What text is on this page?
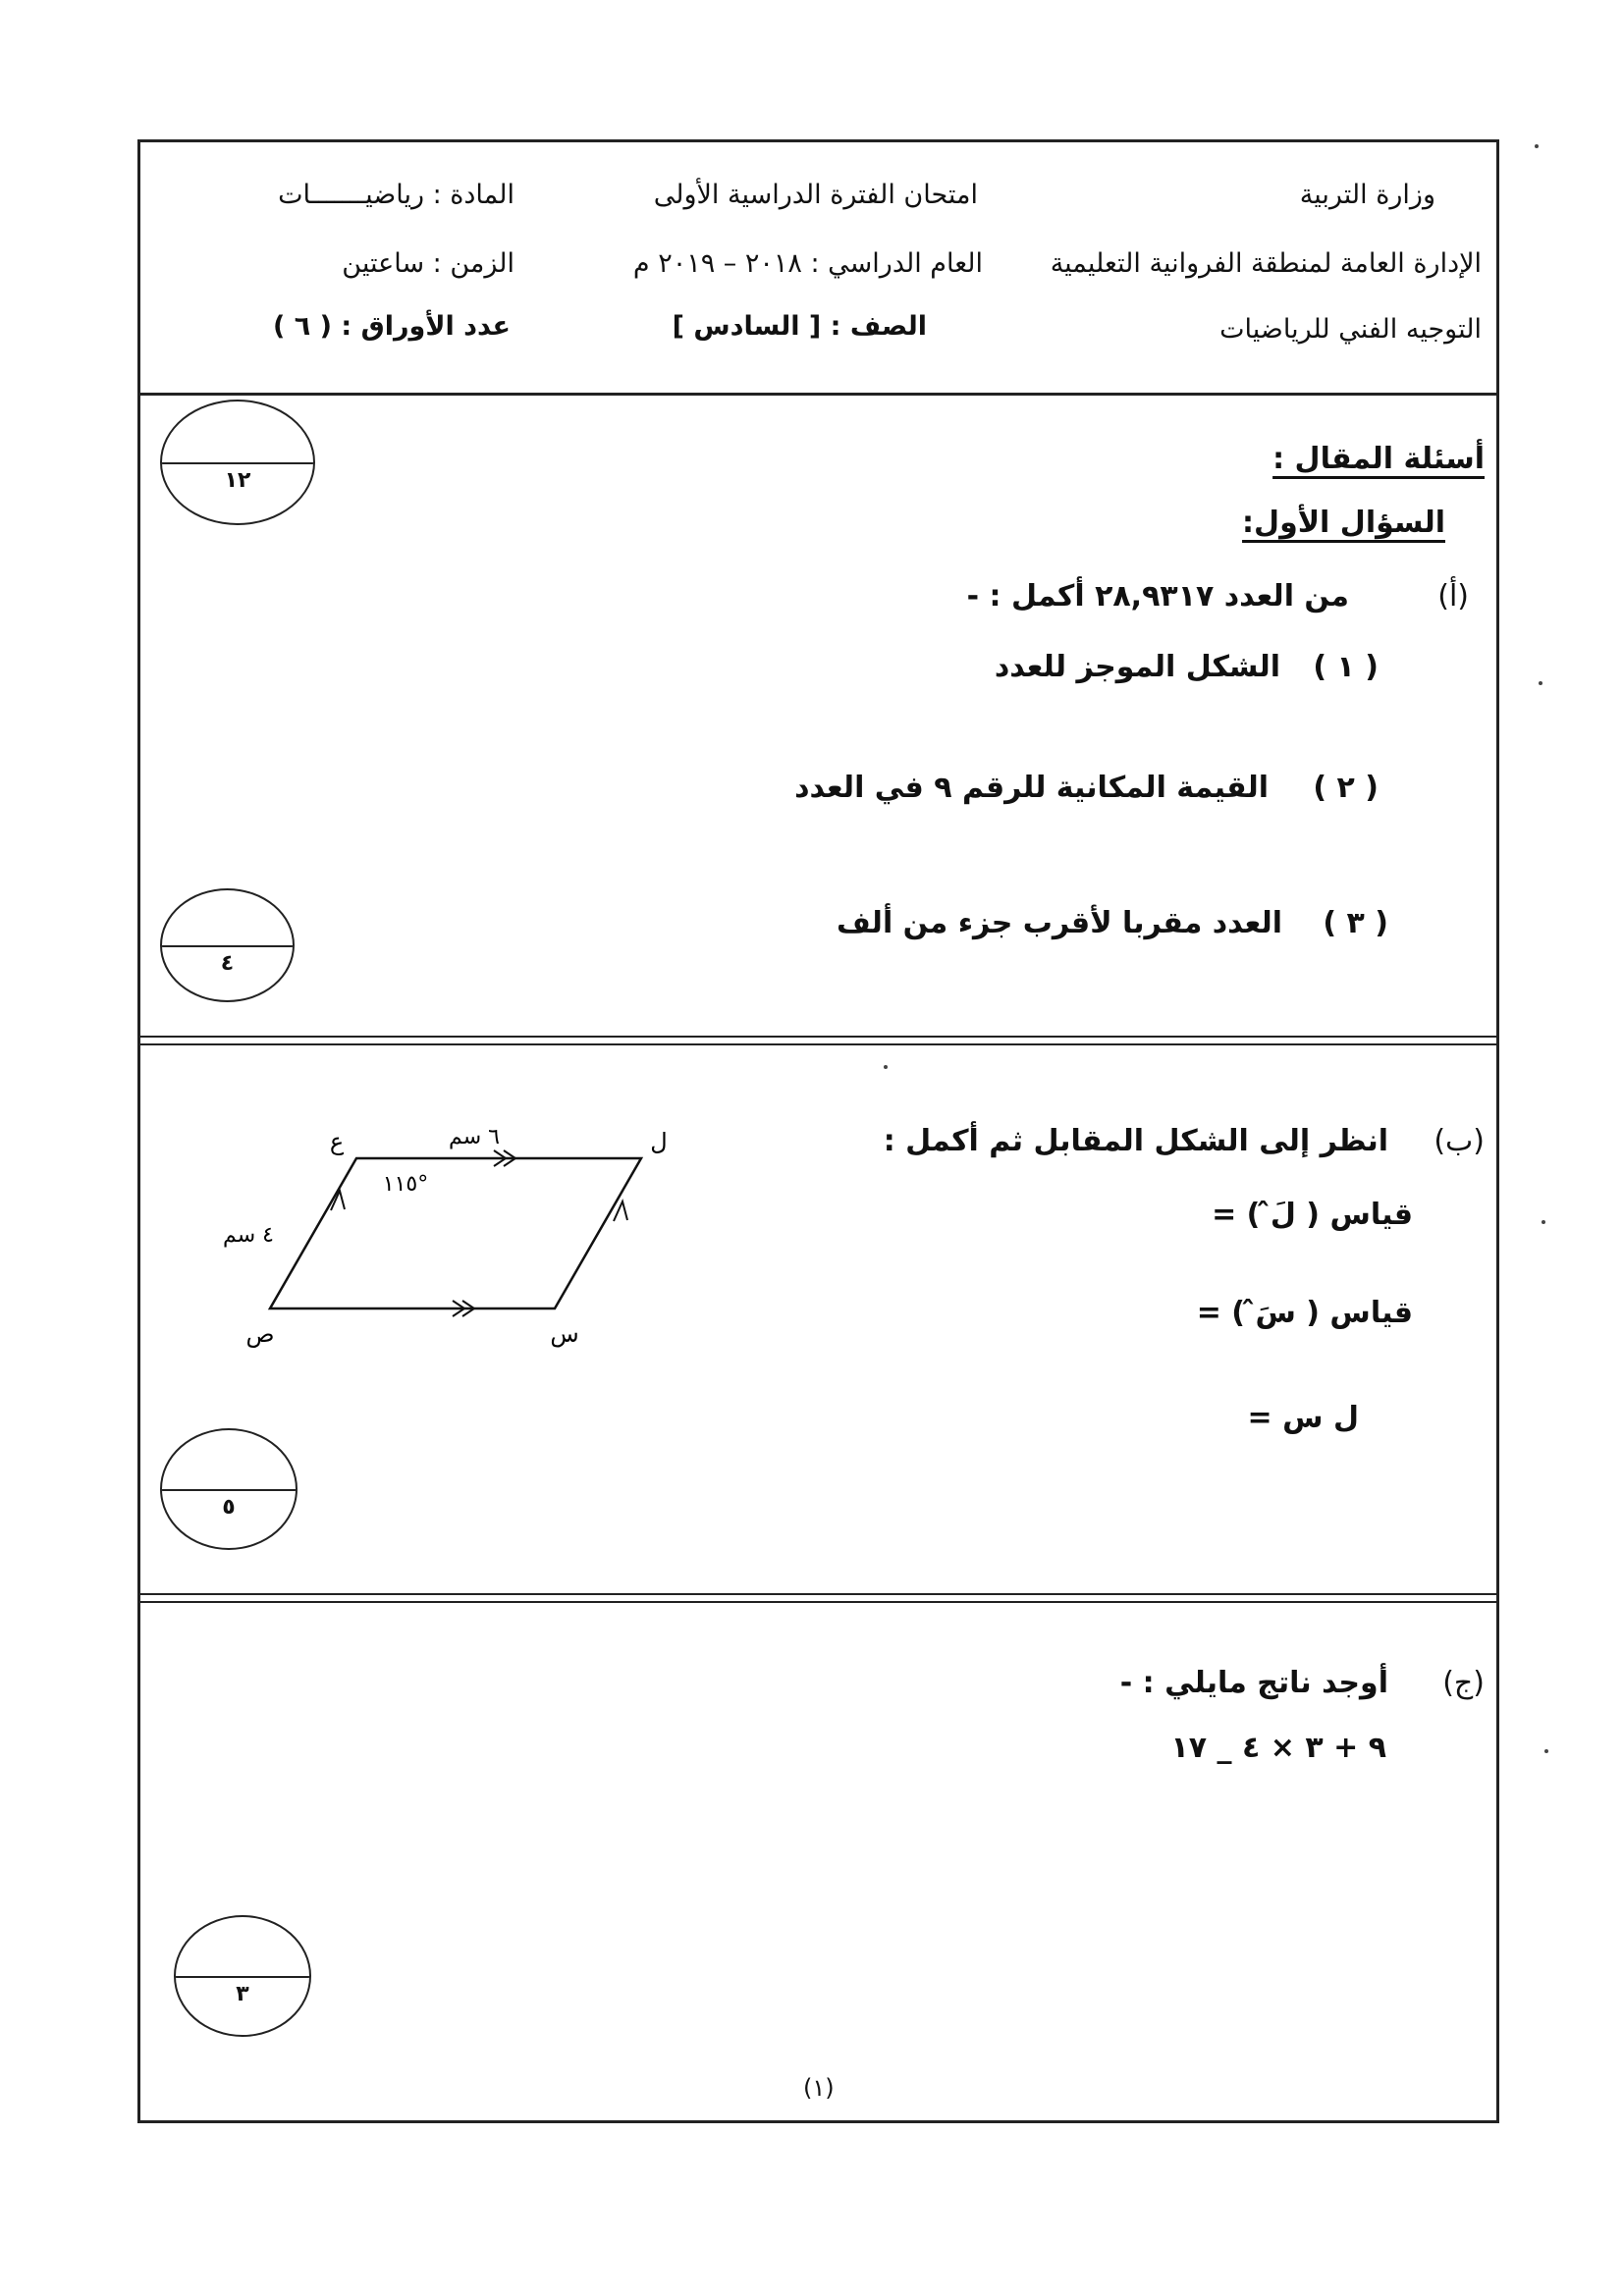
وزارة التربية
الإدارة العامة لمنطقة الفروانية التعليمية
التوجيه الفني للرياضيات
امتحان الفترة الدراسية الأولى
العام الدراسي : ٢٠١٨ – ٢٠١٩ م
الصف : [ السادس ]
المادة : رياضيـــــــات
الزمن : ساعتين
عدد الأوراق : ( ٦ )
١٢
أسئلة المقال :
السؤال الأول:
(أ)
من العدد ٢٨,٩٣١٧ أكمل : -
( ١ )
الشكل الموجز للعدد
( ٢ )
القيمة المكانية للرقم ٩ في العدد
( ٣ )
العدد مقربا لأقرب جزء من ألف
٤
(ب)
انظر إلى الشكل المقابل ثم أكمل :
قياس ( لَ̂ ) =
قياس ( سَ̂ ) =
ل س =
ع	ل
ص	س
٦ سم
٤ سم
١١٥°
٥
(ج)
أوجد ناتج مايلي : -
٩ + ٣ × ٤ _ ١٧
٣
(١)
